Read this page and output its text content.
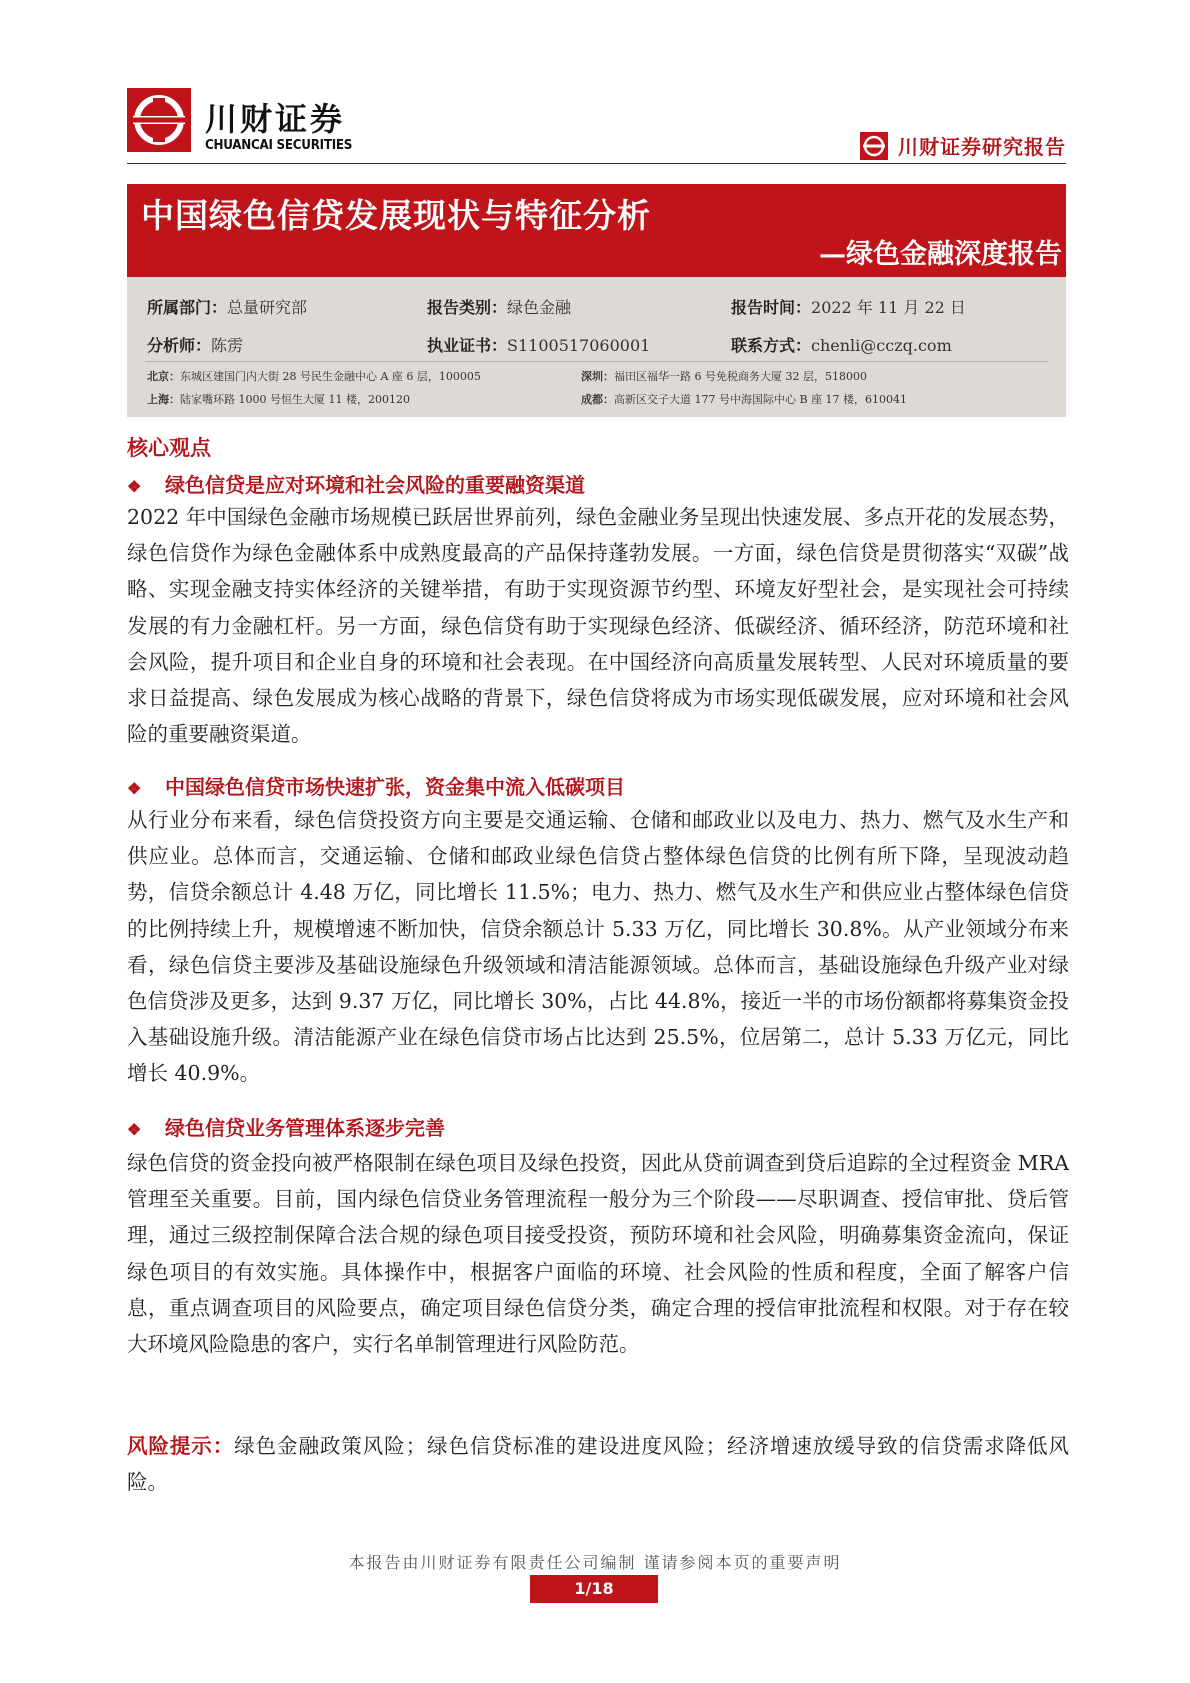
川财证券
CHUANCAI SECURITIES	川财证券研究报告
中国绿色信贷发展现状与特征分析
—绿色金融深度报告
所属部门：总量研究部	报告类别：绿色金融	报告时间：2022 年 11 月 22 日
分析师：陈雳	执业证书：S1100517060001	联系方式：chenli@cczq.com
北京：东城区建国门内大街 28 号民生金融中心 A 座 6 层，100005	深圳：福田区福华一路 6 号免税商务大厦 32 层，518000
上海：陆家嘴环路 1000 号恒生大厦 11 楼，200120	成都：高新区交子大道 177 号中海国际中心 B 座 17 楼，610041
核心观点
❖ 绿色信贷是应对环境和社会风险的重要融资渠道
2022 年中国绿色金融市场规模已跃居世界前列，绿色金融业务呈现出快速发展、多点开花的发展态势，绿色信贷作为绿色金融体系中成熟度最高的产品保持蓬勃发展。一方面，绿色信贷是贯彻落实“双碳”战略、实现金融支持实体经济的关键举措，有助于实现资源节约型、环境友好型社会，是实现社会可持续发展的有力金融杠杆。另一方面，绿色信贷有助于实现绿色经济、低碳经济、循环经济，防范环境和社会风险，提升项目和企业自身的环境和社会表现。在中国经济向高质量发展转型、人民对环境质量的要求日益提高、绿色发展成为核心战略的背景下，绿色信贷将成为市场实现低碳发展，应对环境和社会风险的重要融资渠道。
❖ 中国绿色信贷市场快速扩张，资金集中流入低碳项目
从行业分布来看，绿色信贷投资方向主要是交通运输、仓储和邮政业以及电力、热力、燃气及水生产和供应业。总体而言，交通运输、仓储和邮政业绿色信贷占整体绿色信贷的比例有所下降，呈现波动趋势，信贷余额总计 4.48 万亿，同比增长 11.5%；电力、热力、燃气及水生产和供应业占整体绿色信贷的比例持续上升，规模增速不断加快，信贷余额总计 5.33 万亿，同比增长 30.8%。从产业领域分布来看，绿色信贷主要涉及基础设施绿色升级领域和清洁能源领域。总体而言，基础设施绿色升级产业对绿色信贷涉及更多，达到 9.37 万亿，同比增长 30%，占比 44.8%，接近一半的市场份额都将募集资金投入基础设施升级。清洁能源产业在绿色信贷市场占比达到 25.5%，位居第二，总计 5.33 万亿元，同比增长 40.9%。
❖ 绿色信贷业务管理体系逐步完善
绿色信贷的资金投向被严格限制在绿色项目及绿色投资，因此从贷前调查到贷后追踪的全过程资金 MRA 管理至关重要。目前，国内绿色信贷业务管理流程一般分为三个阶段——尽职调查、授信审批、贷后管理，通过三级控制保障合法合规的绿色项目接受投资，预防环境和社会风险，明确募集资金流向，保证绿色项目的有效实施。具体操作中，根据客户面临的环境、社会风险的性质和程度，全面了解客户信息，重点调查项目的风险要点，确定项目绿色信贷分类，确定合理的授信审批流程和权限。对于存在较大环境风险隐患的客户，实行名单制管理进行风险防范。
风险提示：绿色金融政策风险；绿色信贷标准的建设进度风险；经济增速放缓导致的信贷需求降低风险。
本报告由川财证券有限责任公司编制 谨请参阅本页的重要声明
1/18
